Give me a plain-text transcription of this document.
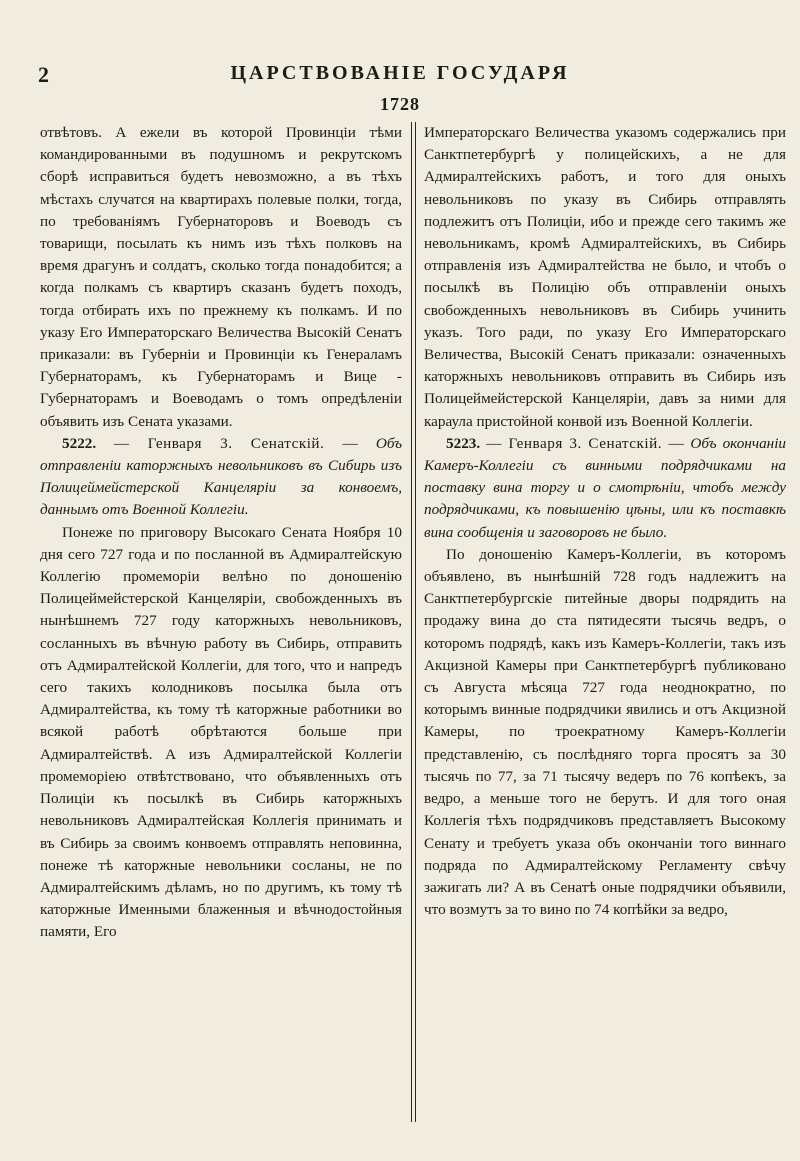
2	ЦАРСТВОВАНІЕ ГОСУДАРЯ
1728

отвѣтовъ. А ежели въ которой Провинціи тѣми командированными въ подушномъ и рекрутскомъ сборѣ исправиться будетъ невозможно, а въ тѣхъ мѣстахъ случатся на квартирахъ полевые полки, тогда, по требованіямъ Губернаторовъ и Воеводъ съ товарищи, посылать къ нимъ изъ тѣхъ полковъ на время драгунъ и солдатъ, сколько тогда понадобится; а когда полкамъ съ квартиръ сказанъ будетъ походъ, тогда отбирать ихъ по прежнему къ полкамъ. И по указу Его Императорскаго Величества Высокій Сенатъ приказали: въ Губерніи и Провинціи къ Генераламъ Губернаторамъ, къ Губернаторамъ и Вице - Губернаторамъ и Воеводамъ о томъ опредѣленіи объявить изъ Сената указами.

5222. — Генваря 3. Сенатскій. — Объ отправленіи каторжныхъ невольниковъ въ Сибирь изъ Полицеймейстерской Канцеляріи за конвоемъ, даннымъ отъ Военной Коллегіи.

Понеже по приговору Высокаго Сената Ноября 10 дня сего 727 года и по посланной въ Адмиралтейскую Коллегію промеморіи велѣно по доношенію Полицеймейстерской Канцеляріи, свобожденныхъ въ нынѣшнемъ 727 году каторжныхъ невольниковъ, сосланныхъ въ вѣчную работу въ Сибирь, отправить отъ Адмиралтейской Коллегіи, для того, что и напредъ сего такихъ колодниковъ посылка была отъ Адмиралтейства, къ тому тѣ каторжные работники во всякой работѣ обрѣтаются больше при Адмиралтействѣ. А изъ Адмиралтейской Коллегіи промеморіею отвѣтствовано, что объявленныхъ отъ Полиціи къ посылкѣ въ Сибирь каторжныхъ невольниковъ Адмиралтейская Коллегія принимать и въ Сибирь за своимъ конвоемъ отправлять неповинна, понеже тѣ каторжные невольники сосланы, не по Адмиралтейскимъ дѣламъ, но по другимъ, къ тому тѣ каторжные Именными блаженныя и вѣчнодостойныя памяти, Его

Императорскаго Величества указомъ содержались при Санктпетербургѣ у полицейскихъ, а не для Адмиралтейскихъ работъ, и того для оныхъ невольниковъ по указу въ Сибирь отправлять подлежитъ отъ Полиціи, ибо и прежде сего такимъ же невольникамъ, кромѣ Адмиралтейскихъ, въ Сибирь отправленія изъ Адмиралтейства не было, и чтобъ о посылкѣ въ Полицію объ отправленіи оныхъ свобожденныхъ невольниковъ въ Сибирь учинить указъ. Того ради, по указу Его Императорскаго Величества, Высокій Сенатъ приказали: означенныхъ каторжныхъ невольниковъ отправить въ Сибирь изъ Полицеймейстерской Канцеляріи, давъ за ними для караула пристойной конвой изъ Военной Коллегіи.

5223. — Генваря 3. Сенатскій. — Объ окончаніи Камеръ-Коллегіи съ винными подрядчиками на поставку вина торгу и о смотрѣніи, чтобъ между подрядчиками, къ повышенію цѣны, или къ поставкѣ вина сообщенія и заговоровъ не было.

По доношенію Камеръ-Коллегіи, въ которомъ объявлено, въ нынѣшній 728 годъ надлежитъ на Санктпетербургскіе питейные дворы подрядить на продажу вина до ста пятидесяти тысячь ведръ, о которомъ подрядѣ, какъ изъ Камеръ-Коллегіи, такъ изъ Акцизной Камеры при Санктпетербургѣ публиковано съ Августа мѣсяца 727 года неоднократно, по которымъ винные подрядчики явились и отъ Акцизной Камеры, по троекратному Камеръ-Коллегіи представленію, съ послѣдняго торга просятъ за 30 тысячь по 77, за 71 тысячу ведеръ по 76 копѣекъ, за ведро, а меньше того не берутъ. И для того оная Коллегія тѣхъ подрядчиковъ представляетъ Высокому Сенату и требуетъ указа объ окончаніи того виннаго подряда по Адмиралтейскому Регламенту свѣчу зажигать ли? А въ Сенатѣ оные подрядчики объявили, что возмутъ за то вино по 74 копѣйки за ведро,
